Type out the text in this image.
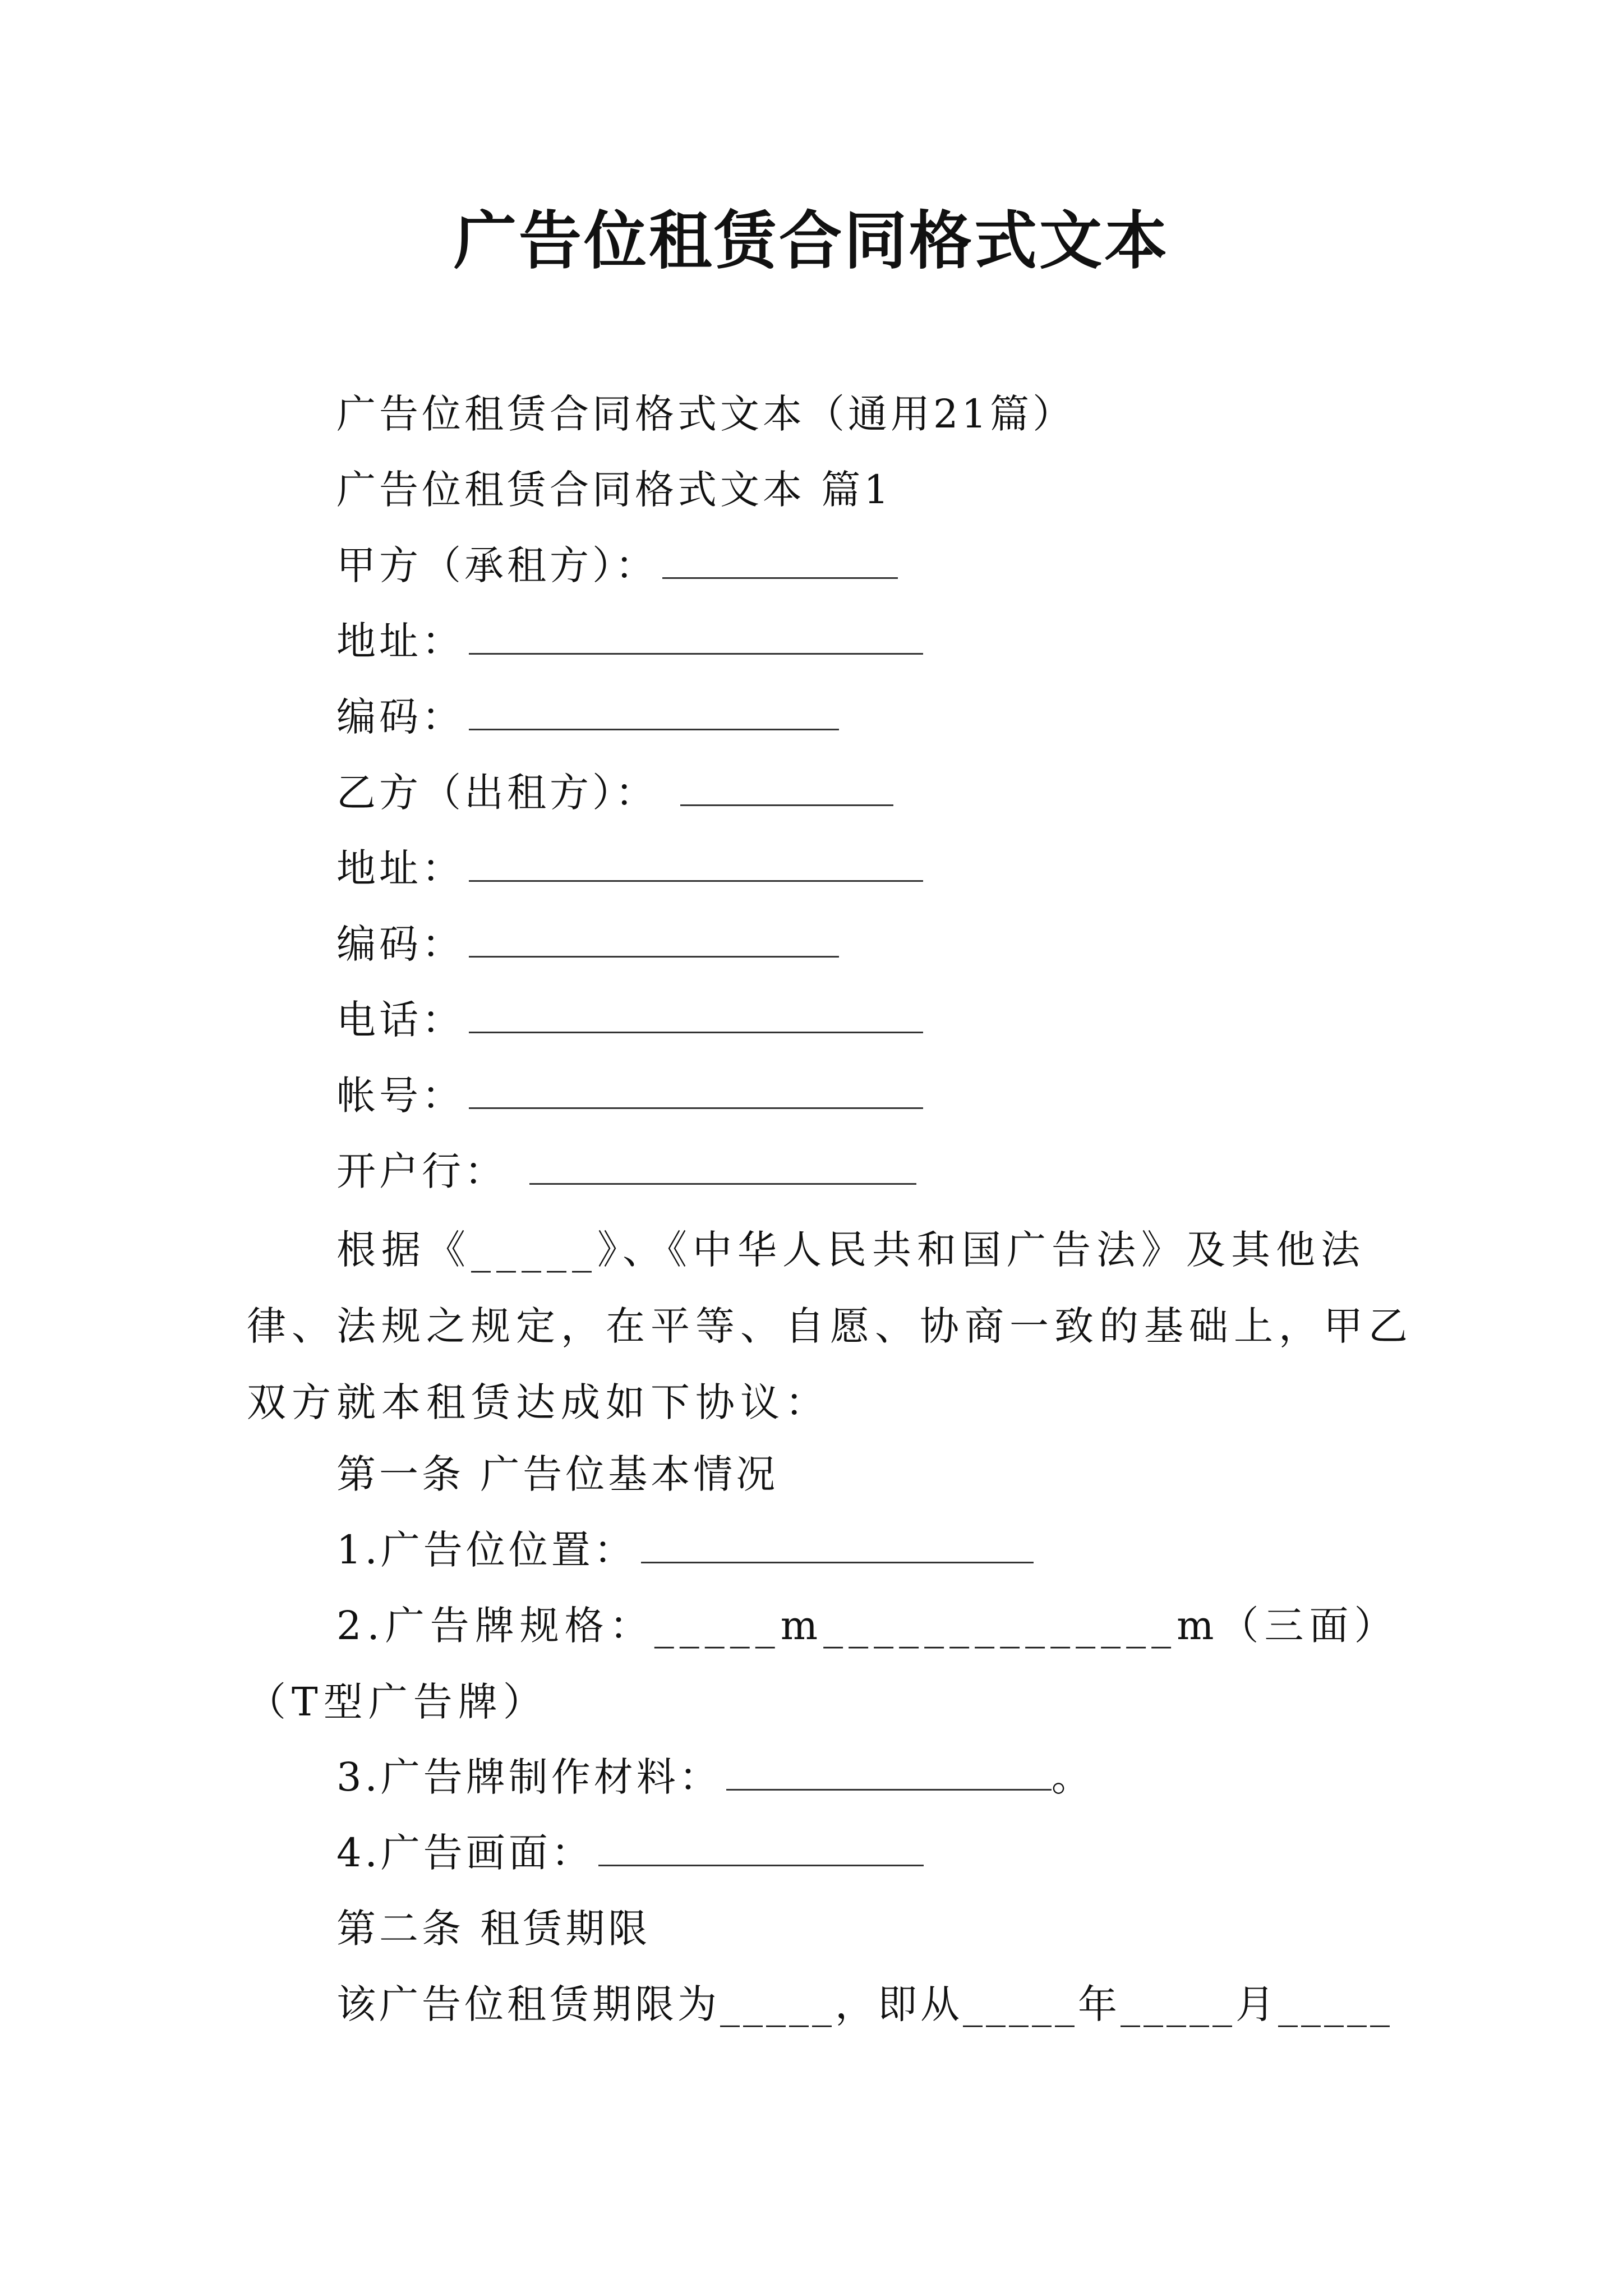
广告位租赁合同格式文本
广告位租赁合同格式文本（通用21篇）
广告位租赁合同格式文本 篇1
甲方（承租方）：
地址：
编码：
乙方（出租方）：
地址：
编码：
电话：
帐号：
开户行：
根据《_____》、《中华人民共和国广告法》及其他法律、法规之规定，在平等、自愿、协商一致的基础上，甲乙双方就本租赁达成如下协议：
第一条 广告位基本情况
1.广告位位置：
2.广告牌规格：_____m______________m（三面）（T型广告牌）
3.广告牌制作材料：	。
4.广告画面：
第二条 租赁期限
该广告位租赁期限为_____，即从_____年_____月_____
